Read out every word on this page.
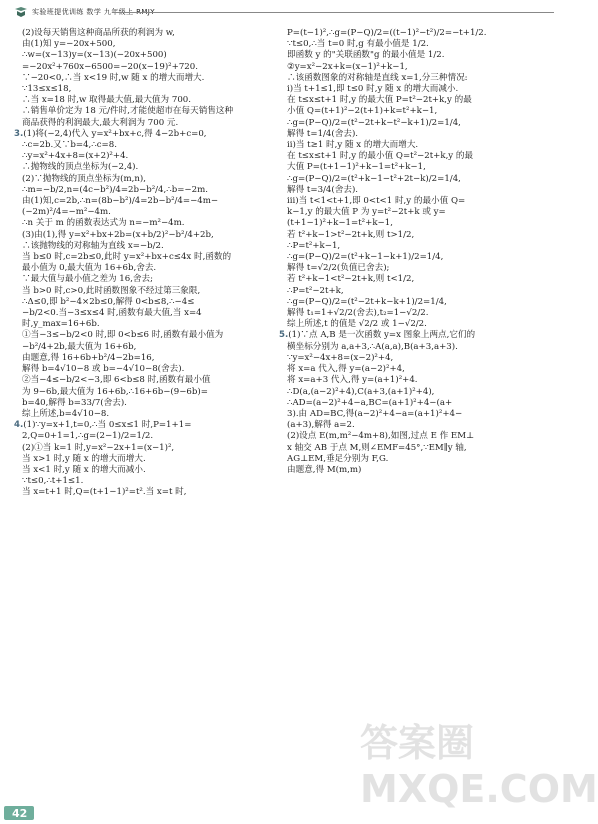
实验班提优训练 数学 九年级上 RMJY
(2)设每天销售这种商品所获的利润为 w,
由(1)知 y=−20x+500,
∴w=(x−13)y=(x−13)(−20x+500)
=−20x²+760x−6500=−20(x−19)²+720.
∵−20<0,∴当 x<19 时,w 随 x 的增大而增大.
∵13≤x≤18,
∴当 x=18 时,w 取得最大值,最大值为 700.
∴销售单价定为 18 元/件时,才能使超市在每天销售这种
商品获得的利润最大,最大利润为 700 元.
3.(1)将(−2,4)代入 y=x²+bx+c,得 4−2b+c=0,
∴c=2b.又∵b=4,∴c=8.
∴y=x²+4x+8=(x+2)²+4.
∴抛物线的顶点坐标为(−2,4).
(2)∵抛物线的顶点坐标为(m,n),
∴m=−b/2,n=(4c−b²)/4=2b−b²/4,∴b=−2m.
由(1)知,c=2b,∴n=(8b−b²)/4=2b−b²/4=−4m−
(−2m)²/4=−m²−4m.
∴n 关于 m 的函数表达式为 n=−m²−4m.
(3)由(1),得 y=x²+bx+2b=(x+b/2)²−b²/4+2b,
∴该抛物线的对称轴为直线 x=−b/2.
当 b≤0 时,c=2b≤0,此时 y=x²+bx+c≤4x 时,函数的
最小值为 0,最大值为 16+6b,舍去.
∵最大值与最小值之差为 16,舍去;
当 b>0 时,c>0,此时函数图象不经过第三象限,
∴Δ≤0,即 b²−4×2b≤0,解得 0<b≤8,∴−4≤
−b/2<0.当−3≤x≤4 时,函数有最大值,当 x=4
时,y_max=16+6b.
①当−3≤−b/2<0 时,即 0<b≤6 时,函数有最小值为
−b²/4+2b,最大值为 16+6b,
由题意,得 16+6b+b²/4−2b=16,
解得 b=4√10−8 或 b=−4√10−8(舍去).
②当−4≤−b/2<−3,即 6<b≤8 时,函数有最小值
为 9−6b,最大值为 16+6b,∴16+6b−(9−6b)=
b=40,解得 b=33/7(舍去).
综上所述,b=4√10−8.
4.(1)∵y=x+1,t=0,∴当 0≤x≤1 时,P=1+1=
2,Q=0+1=1,∴g=(2−1)/2=1/2.
(2)①当 k=1 时,y=x²−2x+1=(x−1)²,
当 x>1 时,y 随 x 的增大而增大.
当 x<1 时,y 随 x 的增大而减小.
∵t≤0,∴t+1≤1.
当 x=t+1 时,Q=(t+1−1)²=t².当 x=t 时,
P=(t−1)²,∴g=(P−Q)/2=((t−1)²−t²)/2=−t+1/2.
∵t≤0,∴当 t=0 时,g 有最小值是 1/2.
即函数 y 的"关联函数"g 的最小值是 1/2.
②y=x²−2x+k=(x−1)²+k−1,
∴该函数图象的对称轴是直线 x=1,分三种情况:
i)当 t+1≤1,即 t≤0 时,y 随 x 的增大而减小.
在 t≤x≤t+1 时,y 的最大值 P=t²−2t+k,y 的最
小值 Q=(t+1)²−2(t+1)+k=t²+k−1,
∴g=(P−Q)/2=(t²−2t+k−t²−k+1)/2=1/4,
解得 t=1/4(舍去).
ii)当 t≥1 时,y 随 x 的增大而增大.
在 t≤x≤t+1 时,y 的最小值 Q=t²−2t+k,y 的最
大值 P=(t+1−1)²+k−1=t²+k−1,
∴g=(P−Q)/2=(t²+k−1−t²+2t−k)/2=1/4,
解得 t=3/4(舍去).
iii)当 t<1<t+1,即 0<t<1 时,y 的最小值 Q=
k−1,y 的最大值 P 为 y=t²−2t+k 或 y=
(t+1−1)²+k−1=t²+k−1,
若 t²+k−1>t²−2t+k,则 t>1/2,
∴P=t²+k−1,
∴g=(P−Q)/2=(t²+k−1−k+1)/2=1/4,
解得 t=√2/2(负值已舍去);
若 t²+k−1<t²−2t+k,则 t<1/2,
∴P=t²−2t+k,
∴g=(P−Q)/2=(t²−2t+k−k+1)/2=1/4,
解得 t₁=1+√2/2(舍去),t₂=1−√2/2.
综上所述,t 的值是 √2/2 或 1−√2/2.
5.(1)∵点 A,B 是一次函数 y=x 图象上两点,它们的
横坐标分别为 a,a+3,∴A(a,a),B(a+3,a+3).
∵y=x²−4x+8=(x−2)²+4,
将 x=a 代入,得 y=(a−2)²+4,
将 x=a+3 代入,得 y=(a+1)²+4.
∴D(a,(a−2)²+4),C(a+3,(a+1)²+4),
∴AD=(a−2)²+4−a,BC=(a+1)²+4−(a+
3).由 AD=BC,得(a−2)²+4−a=(a+1)²+4−
(a+3),解得 a=2.
(2)设点 E(m,m²−4m+8),如图,过点 E 作 EM⊥
x 轴交 AB 于点 M,则∠EMF=45°,∵EM∥y 轴,
AG⊥EM,垂足分别为 F,G.
由题意,得 M(m,m)
42
答案圈
MXQE.COM
